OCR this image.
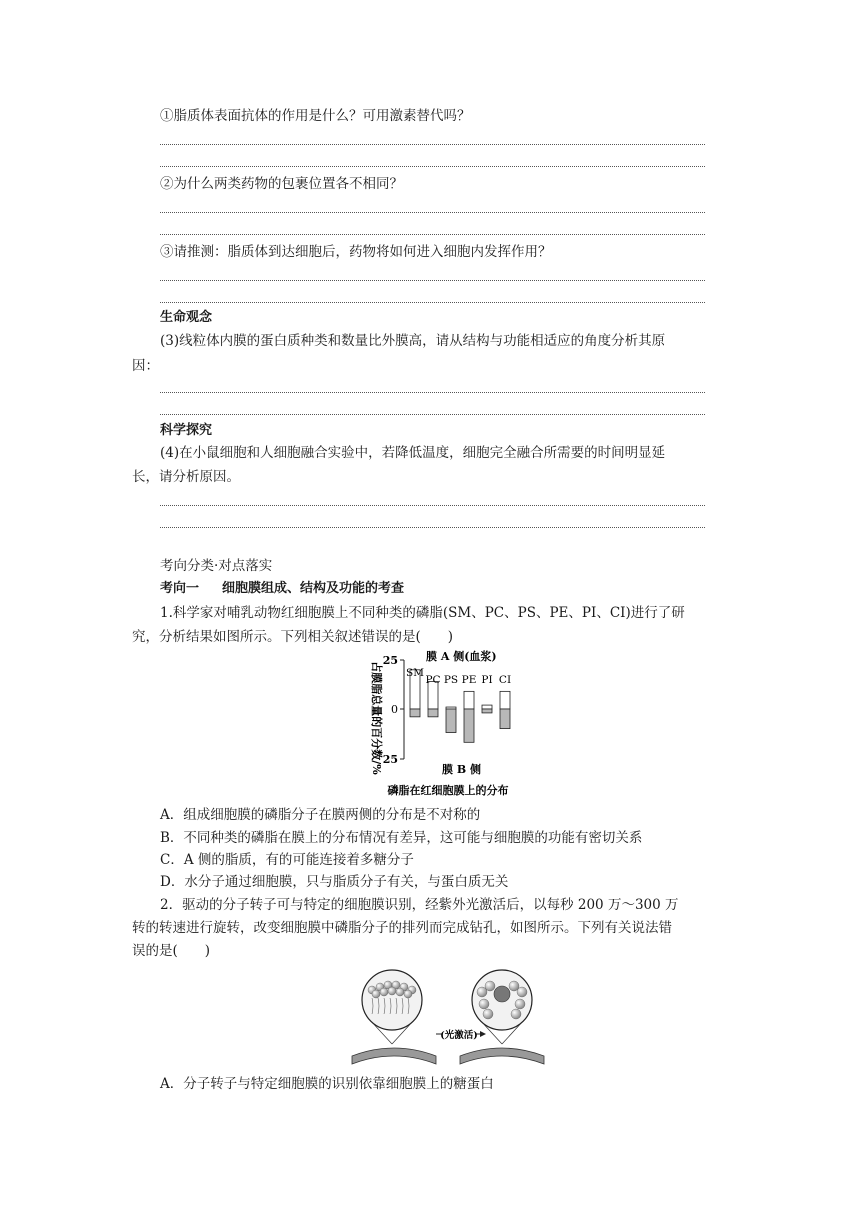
①脂质体表面抗体的作用是什么？可用激素替代吗？
②为什么两类药物的包裹位置各不相同？
③请推测：脂质体到达细胞后，药物将如何进入细胞内发挥作用？
生命观念
(3)线粒体内膜的蛋白质种类和数量比外膜高，请从结构与功能相适应的角度分析其原
因：
科学探究
(4)在小鼠细胞和人细胞融合实验中，若降低温度，细胞完全融合所需要的时间明显延
长，请分析原因。
考向分类·对点落实
考向一 细胞膜组成、结构及功能的考查
1.科学家对哺乳动物红细胞膜上不同种类的磷脂(SM、PC、PS、PE、PI、CI)进行了研
究，分析结果如图所示。下列相关叙述错误的是(　　)
占膜脂总量的百分数/%
25
0
25
膜 A 侧(血浆)
膜 B 侧
SM
PC PS PE PI CI
磷脂在红细胞膜上的分布
A．组成细胞膜的磷脂分子在膜两侧的分布是不对称的
B．不同种类的磷脂在膜上的分布情况有差异，这可能与细胞膜的功能有密切关系
C．A 侧的脂质，有的可能连接着多糖分子
D．水分子通过细胞膜，只与脂质分子有关，与蛋白质无关
2．驱动的分子转子可与特定的细胞膜识别，经紫外光激活后，以每秒 200 万～300 万
转的转速进行旋转，改变细胞膜中磷脂分子的排列而完成钻孔，如图所示。下列有关说法错
误的是(　　)
(光激活)
A．分子转子与特定细胞膜的识别依靠细胞膜上的糖蛋白
